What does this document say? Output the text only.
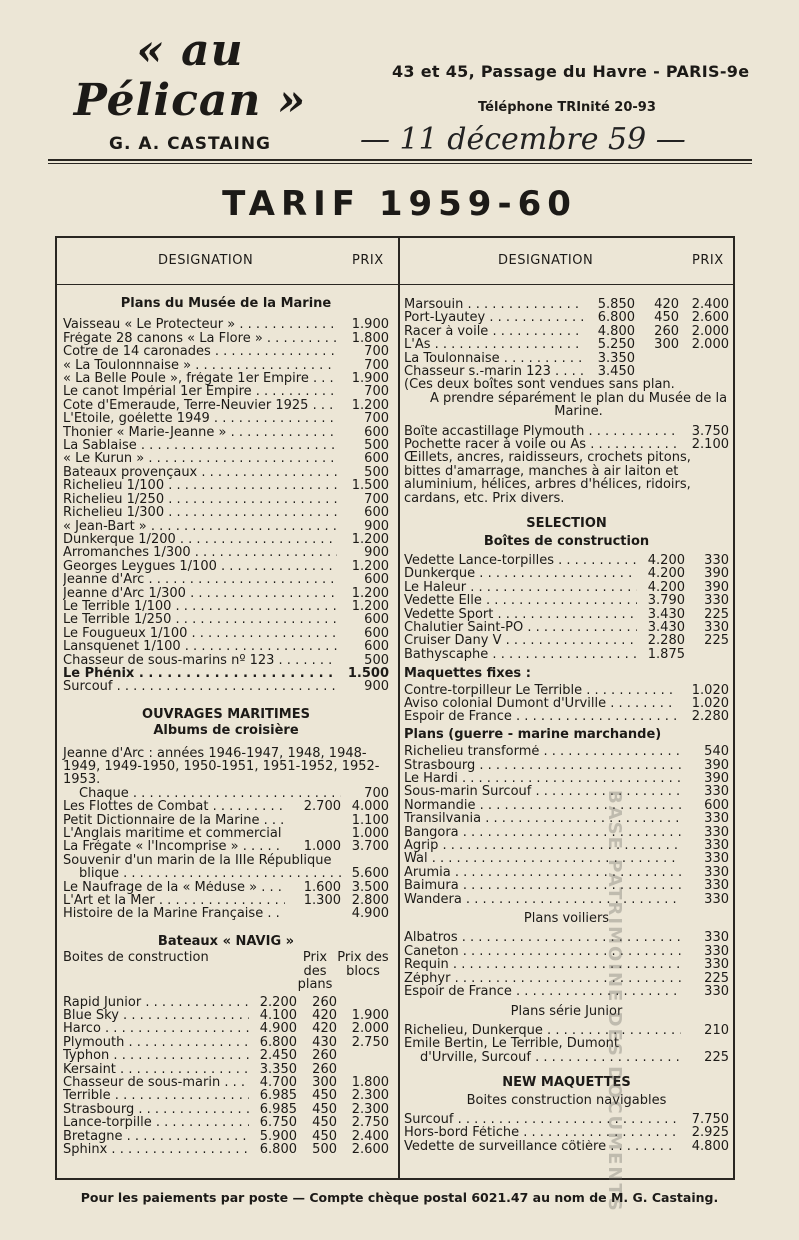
« au Pélican »
G. A. CASTAING
43 et 45, Passage du Havre - PARIS-9e
Téléphone TRInité 20-93
— 11 décembre 59 —
TARIF 1959-60
DESIGNATION	PRIX	DESIGNATION	PRIX
Plans du Musée de la Marine
Vaisseau « Le Protecteur » . . .	1.900
Frégate 28 canons « La Flore » . . .	1.800
Cotre de 14 caronades . . .	700
« La Toulonnnaise » . . .	700
« La Belle Poule », frégate 1er Empire . . .	1.900
Le canot Impérial 1er Empire . . .	700
Cote d'Emeraude, Terre-Neuvier 1925 . . .	1.200
L'Etoile, goélette 1949 . . .	700
Thonier « Marie-Jeanne » . . .	600
La Sablaise . . .	500
« Le Kurun » . . .	600
Bateaux provençaux . . .	500
Richelieu 1/100 . . .	1.500
Richelieu 1/250 . . .	700
Richelieu 1/300 . . .	600
« Jean-Bart » . . .	900
Dunkerque 1/200 . . .	1.200
Arromanches 1/300 . . .	900
Georges Leygues 1/100 . . .	1.200
Jeanne d'Arc . . .	600
Jeanne d'Arc 1/300 . . .	1.200
Le Terrible 1/100 . . .	1.200
Le Terrible 1/250 . . .	600
Le Fougueux 1/100 . . .	600
Lansquenet 1/100 . . .	600
Chasseur de sous-marins nº 123 . . .	500
Le Phénix . . .	1.500
Surcouf . . .	900
OUVRAGES MARITIMES
Albums de croisière
Jeanne d'Arc : années 1946-1947, 1948, 1948-1949, 1949-1950, 1950-1951, 1951-1952, 1952-1953.
Chaque . . .	700
Les Flottes de Combat . . .	2.700 4.000
Petit Dictionnaire de la Marine . . .	1.100
L'Anglais maritime et commercial . . .	1.000
La Frégate « l'Incomprise » . . .	1.000 3.700
Souvenir d'un marin de la IIIe République
blique . . .	5.600
Le Naufrage de la « Méduse » . . .	1.600 3.500
L'Art et la Mer . . .	1.300 2.800
Histoire de la Marine Française . . .	4.900
Bateaux « NAVIG »
Boites de construction	Prix des plans
Prix des blocs
Rapid Junior . . .	2.200	260
Blue Sky . . .	4.100	420	1.900
Harco . . .	4.900	420	2.000
Plymouth . . .	6.800	430	2.750
Typhon . . .	2.450	260
Kersaint . . .	3.350	260
Chasseur de sous-marin . . .	4.700	300	1.800
Terrible . . .	6.985	450	2.300
Strasbourg . . .	6.985	450	2.300
Lance-torpille . . .	6.750	450	2.750
Bretagne . . .	5.900	450	2.400
Sphinx . . .	6.800	500	2.600
Marsouin . . .	5.850	420 2.400
Port-Lyautey . . .	6.800	450 2.600
Racer à voile . . .	4.800	260 2.000
L'As . . .	5.250	300 2.000
La Toulonnaise . . .	3.350
Chasseur s.-marin 123 . . .	3.450
(Ces deux boîtes sont vendues sans plan.
A prendre séparément le plan du Musée de la Marine.
Boîte accastillage Plymouth . . .	3.750
Pochette racer à voile ou As . . .	2.100
Œillets, ancres, raidisseurs, crochets pitons, bittes d'amarrage, manches à air laiton et aluminium, hélices, arbres d'hélices, ridoirs, cardans, etc. Prix divers.
SELECTION
Boîtes de construction
Vedette Lance-torpilles . . .	4.200	330
Dunkerque . . .	4.200	390
Le Haleur . . .	4.200	390
Vedette Elle . . .	3.790	330
Vedette Sport . . .	3.430	225
Chalutier Saint-PO . . .	3.430	330
Cruiser Dany V . . .	2.280	225
Bathyscaphe . . .	1.875
Maquettes fixes :
Contre-torpilleur Le Terrible . . .	1.020
Aviso colonial Dumont d'Urville . . .	1.020
Espoir de France . . .	2.280
Plans (guerre - marine marchande)
Richelieu transformé . . .	540
Strasbourg . . .	390
Le Hardi . . .	390
Sous-marin Surcouf . . .	330
Normandie . . .	600
Transilvania . . .	330
Bangora . . .	330
Agrip . . .	330
Wal . . .	330
Arumia . . .	330
Baimura . . .	330
Wandera . . .	330
Plans voiliers
Albatros . . .	330
Caneton . . .	330
Requin . . .	330
Zéphyr . . .	225
Espoir de France . . .	330
Plans série Junior
Richelieu, Dunkerque . . .	210
Emile Bertin, Le Terrible, Dumont
d'Urville, Surcouf . . .	225
NEW MAQUETTES
Boites construction navigables
Surcouf . . .	7.750
Hors-bord Fétiche . . .	2.925
Vedette de surveillance côtière . . .	4.800
BASE PATRIMOINE DES DOCUMENTS
Pour les paiements par poste — Compte chèque postal 6021.47 au nom de M. G. Castaing.
